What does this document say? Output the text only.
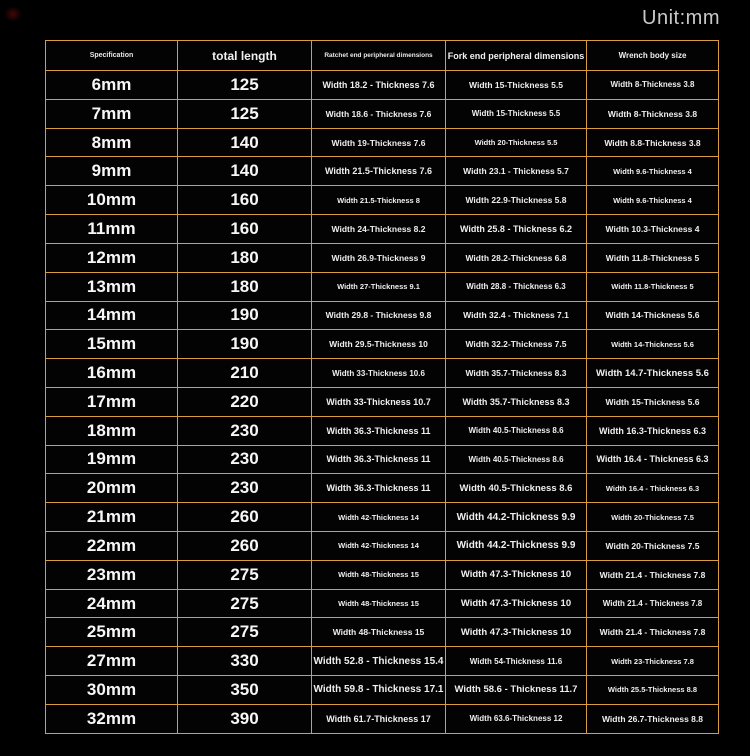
Unit:mm
Specification	total length	Ratchet end peripheral dimensions	Fork end peripheral dimensions	Wrench body size
6mm	125	Width 18.2 - Thickness 7.6	Width 15-Thickness 5.5	Width 8-Thickness 3.8
7mm	125	Width 18.6 - Thickness 7.6	Width 15-Thickness 5.5	Width 8-Thickness 3.8
8mm	140	Width 19-Thickness 7.6	Width 20-Thickness 5.5	Width 8.8-Thickness 3.8
9mm	140	Width 21.5-Thickness 7.6	Width 23.1 - Thickness 5.7	Width 9.6-Thickness 4
10mm	160	Width 21.5-Thickness 8	Width 22.9-Thickness 5.8	Width 9.6-Thickness 4
11mm	160	Width 24-Thickness 8.2	Width 25.8 - Thickness 6.2	Width 10.3-Thickness 4
12mm	180	Width 26.9-Thickness 9	Width 28.2-Thickness 6.8	Width 11.8-Thickness 5
13mm	180	Width 27-Thickness 9.1	Width 28.8 - Thickness 6.3	Width 11.8-Thickness 5
14mm	190	Width 29.8 - Thickness 9.8	Width 32.4 - Thickness 7.1	Width 14-Thickness 5.6
15mm	190	Width 29.5-Thickness 10	Width 32.2-Thickness 7.5	Width 14-Thickness 5.6
16mm	210	Width 33-Thickness 10.6	Width 35.7-Thickness 8.3	Width 14.7-Thickness 5.6
17mm	220	Width 33-Thickness 10.7	Width 35.7-Thickness 8.3	Width 15-Thickness 5.6
18mm	230	Width 36.3-Thickness 11	Width 40.5-Thickness 8.6	Width 16.3-Thickness 6.3
19mm	230	Width 36.3-Thickness 11	Width 40.5-Thickness 8.6	Width 16.4 - Thickness 6.3
20mm	230	Width 36.3-Thickness 11	Width 40.5-Thickness 8.6	Width 16.4 - Thickness 6.3
21mm	260	Width 42-Thickness 14	Width 44.2-Thickness 9.9	Width 20-Thickness 7.5
22mm	260	Width 42-Thickness 14	Width 44.2-Thickness 9.9	Width 20-Thickness 7.5
23mm	275	Width 48-Thickness 15	Width 47.3-Thickness 10	Width 21.4 - Thickness 7.8
24mm	275	Width 48-Thickness 15	Width 47.3-Thickness 10	Width 21.4 - Thickness 7.8
25mm	275	Width 48-Thickness 15	Width 47.3-Thickness 10	Width 21.4 - Thickness 7.8
27mm	330	Width 52.8 - Thickness 15.4	Width 54-Thickness 11.6	Width 23-Thickness 7.8
30mm	350	Width 59.8 - Thickness 17.1	Width 58.6 - Thickness 11.7	Width 25.5-Thickness 8.8
32mm	390	Width 61.7-Thickness 17	Width 63.6-Thickness 12	Width 26.7-Thickness 8.8
